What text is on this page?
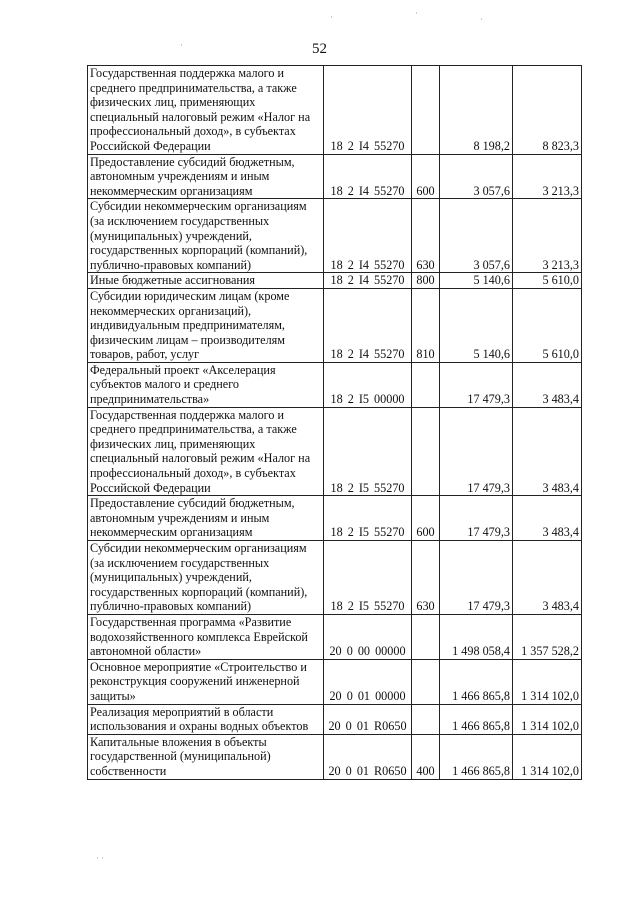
52
Государственная поддержка малого и среднего предпринимательства, а также физических лиц, применяющих специальный налоговый режим «Налог на профессиональный доход», в субъектах Российской Федерации	18 2 I4 55270		8 198,2	8 823,3
Предоставление субсидий бюджетным, автономным учреждениям и иным некоммерческим организациям	18 2 I4 55270	600	3 057,6	3 213,3
Субсидии некоммерческим организациям (за исключением государственных (муниципальных) учреждений, государственных корпораций (компаний), публично-правовых компаний)	18 2 I4 55270	630	3 057,6	3 213,3
Иные бюджетные ассигнования	18 2 I4 55270	800	5 140,6	5 610,0
Субсидии юридическим лицам (кроме некоммерческих организаций), индивидуальным предпринимателям, физическим лицам – производителям товаров, работ, услуг	18 2 I4 55270	810	5 140,6	5 610,0
Федеральный проект «Акселерация субъектов малого и среднего предпринимательства»	18 2 I5 00000		17 479,3	3 483,4
Государственная поддержка малого и среднего предпринимательства, а также физических лиц, применяющих специальный налоговый режим «Налог на профессиональный доход», в субъектах Российской Федерации	18 2 I5 55270		17 479,3	3 483,4
Предоставление субсидий бюджетным, автономным учреждениям и иным некоммерческим организациям	18 2 I5 55270	600	17 479,3	3 483,4
Субсидии некоммерческим организациям (за исключением государственных (муниципальных) учреждений, государственных корпораций (компаний), публично-правовых компаний)	18 2 I5 55270	630	17 479,3	3 483,4
Государственная программа «Развитие водохозяйственного комплекса Еврейской автономной области»	20 0 00 00000		1 498 058,4	1 357 528,2
Основное мероприятие «Строительство и реконструкция сооружений инженерной защиты»	20 0 01 00000		1 466 865,8	1 314 102,0
Реализация мероприятий в области использования и охраны водных объектов	20 0 01 R0650		1 466 865,8	1 314 102,0
Капитальные вложения в объекты государственной (муниципальной) собственности	20 0 01 R0650	400	1 466 865,8	1 314 102,0
·	·
·
·
· ·
